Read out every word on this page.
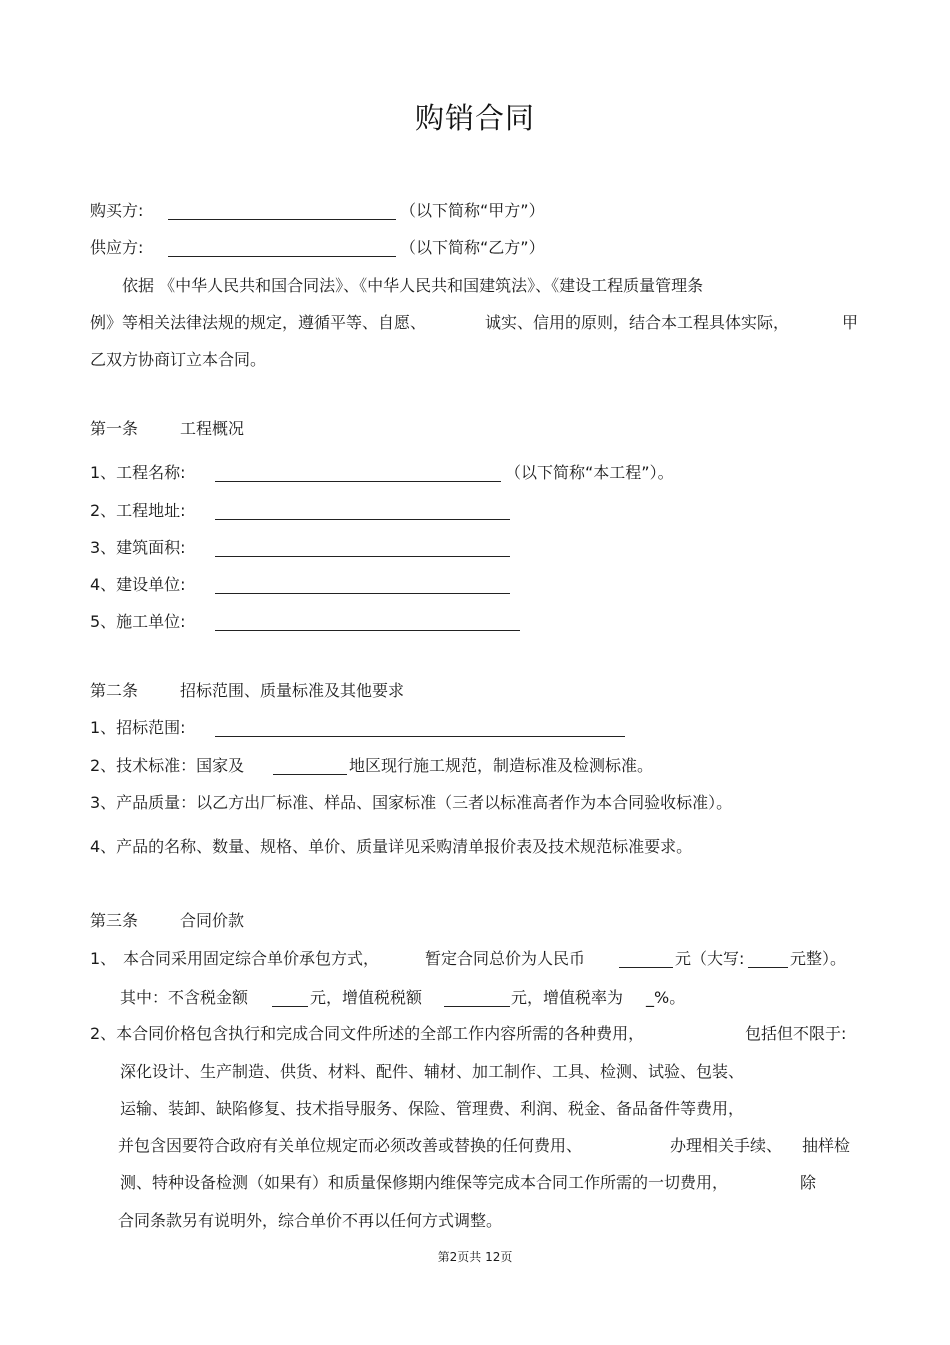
购销合同
购买方:	（以下简称“甲方”）
供应方:	（以下简称“乙方”）
依据 《中华人民共和国合同法》、《中华人民共和国建筑法》、《建设工程质量管理条
例》等相关法律法规的规定，遵循平等、自愿、	诚实、信用的原则，结合本工程具体实际，	甲
乙双方协商订立本合同。
第一条	工程概况
1、工程名称:	（以下简称“本工程”）。
2、工程地址:
3、建筑面积:
4、建设单位:
5、施工单位:
第二条	招标范围、质量标准及其他要求
1、招标范围:
2、技术标准：国家及	地区现行施工规范，制造标准及检测标准。
3、产品质量：以乙方出厂标准、样品、国家标准（三者以标准高者作为本合同验收标准）。
4、产品的名称、数量、规格、单价、质量详见采购清单报价表及技术规范标准要求。
第三条	合同价款
1、 本合同采用固定综合单价承包方式，	暂定合同总价为人民币	元（大写:	元整）。
其中：不含税金额	元，增值税税额	元，增值税率为 _%。
2、本合同价格包含执行和完成合同文件所述的全部工作内容所需的各种费用，	包括但不限于:
深化设计、生产制造、供货、材料、配件、辅材、加工制作、工具、检测、试验、包装、
运输、装卸、缺陷修复、技术指导服务、保险、管理费、利润、税金、备品备件等费用，
并包含因要符合政府有关单位规定而必须改善或替换的任何费用、	办理相关手续、 抽样检
测、特种设备检测（如果有）和质量保修期内维保等完成本合同工作所需的一切费用，	除
合同条款另有说明外，综合单价不再以任何方式调整。
第2页共 12页
